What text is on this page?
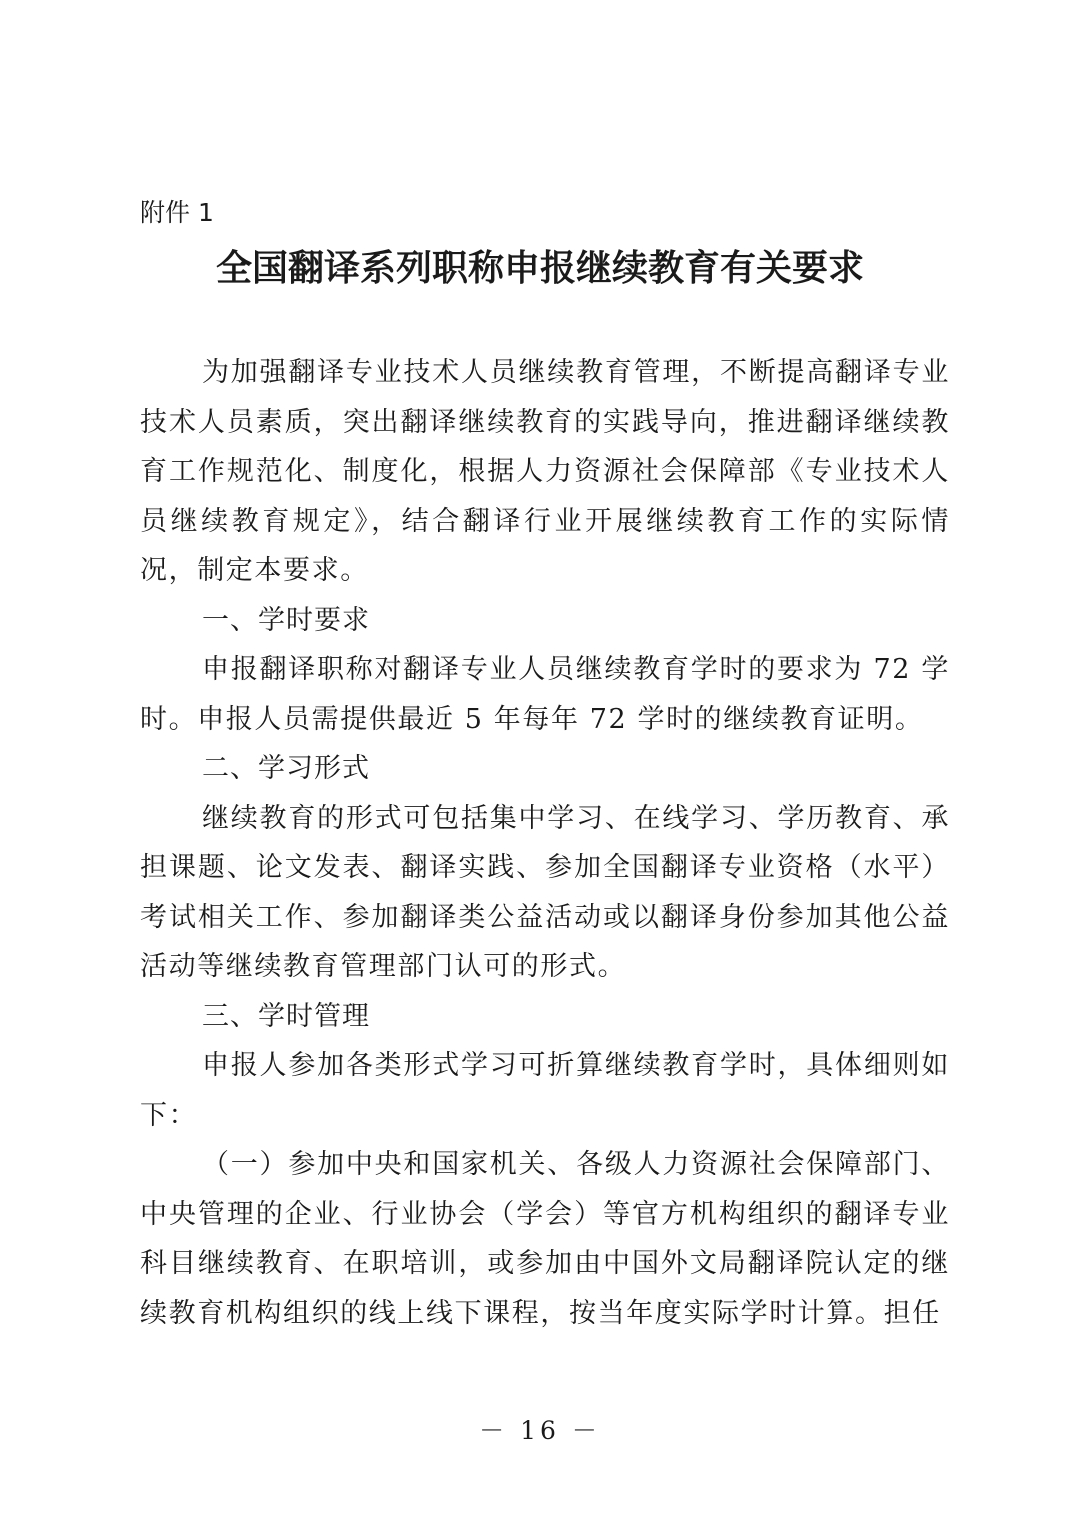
附件 1
全国翻译系列职称申报继续教育有关要求

为加强翻译专业技术人员继续教育管理，不断提高翻译专业技术人员素质，突出翻译继续教育的实践导向，推进翻译继续教育工作规范化、制度化，根据人力资源社会保障部《专业技术人员继续教育规定》，结合翻译行业开展继续教育工作的实际情况，制定本要求。

一、学时要求

申报翻译职称对翻译专业人员继续教育学时的要求为 72 学时。申报人员需提供最近 5 年每年 72 学时的继续教育证明。

二、学习形式

继续教育的形式可包括集中学习、在线学习、学历教育、承担课题、论文发表、翻译实践、参加全国翻译专业资格（水平）考试相关工作、参加翻译类公益活动或以翻译身份参加其他公益活动等继续教育管理部门认可的形式。

三、学时管理

申报人参加各类形式学习可折算继续教育学时，具体细则如下：

（一）参加中央和国家机关、各级人力资源社会保障部门、中央管理的企业、行业协会（学会）等官方机构组织的翻译专业科目继续教育、在职培训，或参加由中国外文局翻译院认定的继续教育机构组织的线上线下课程，按当年度实际学时计算。担任

－ 16 －
